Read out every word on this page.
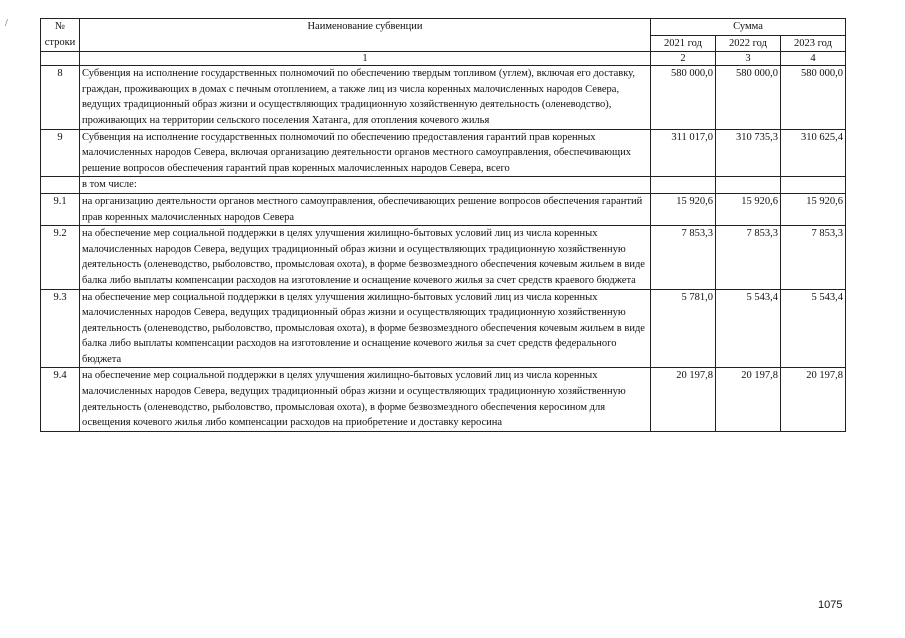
/	№ строки	Наименование субвенции	Сумма		
		2021 год	2022 год	2023 год
	1	2	3	4
8	Субвенция на исполнение государственных полномочий по обеспечению твердым топливом (углем), включая его доставку, граждан, проживающих в домах с печным отоплением, а также лиц из числа коренных малочисленных народов Севера, ведущих традиционный образ жизни и осуществляющих традиционную хозяйственную деятельность (оленеводство), проживающих на территории сельского поселения Хатанга, для отопления кочевого жилья	580 000,0	580 000,0	580 000,0
9	Субвенция на исполнение государственных полномочий по обеспечению предоставления гарантий прав коренных малочисленных народов Севера, включая организацию деятельности органов местного самоуправления, обеспечивающих решение вопросов обеспечения гарантий прав коренных малочисленных народов Севера, всего	311 017,0	310 735,3	310 625,4
	в том числе:			
9.1	на организацию деятельности органов местного самоуправления, обеспечивающих решение вопросов обеспечения гарантий прав коренных малочисленных народов Севера	15 920,6	15 920,6	15 920,6
9.2	на обеспечение мер социальной поддержки в целях улучшения жилищно-бытовых условий лиц из числа коренных малочисленных народов Севера, ведущих традиционный образ жизни и осуществляющих традиционную хозяйственную деятельность (оленеводство, рыболовство, промысловая охота), в форме безвозмездного обеспечения кочевым жильем в виде балка либо выплаты компенсации расходов на изготовление и оснащение кочевого жилья за счет средств краевого бюджета	7 853,3	7 853,3	7 853,3
9.3	на обеспечение мер социальной поддержки в целях улучшения жилищно-бытовых условий лиц из числа коренных малочисленных народов Севера, ведущих традиционный образ жизни и осуществляющих традиционную хозяйственную деятельность (оленеводство, рыболовство, промысловая охота), в форме безвозмездного обеспечения кочевым жильем в виде балка либо выплаты компенсации расходов на изготовление и оснащение кочевого жилья за счет средств федерального бюджета	5 781,0	5 543,4	5 543,4
9.4	на обеспечение мер социальной поддержки в целях улучшения жилищно-бытовых условий лиц из числа коренных малочисленных народов Севера, ведущих традиционный образ жизни и осуществляющих традиционную хозяйственную деятельность (оленеводство, рыболовство, промысловая охота), в форме безвозмездного обеспечения керосином для освещения кочевого жилья либо компенсации расходов на приобретение и доставку керосина	20 197,8	20 197,8	20 197,8
1075
